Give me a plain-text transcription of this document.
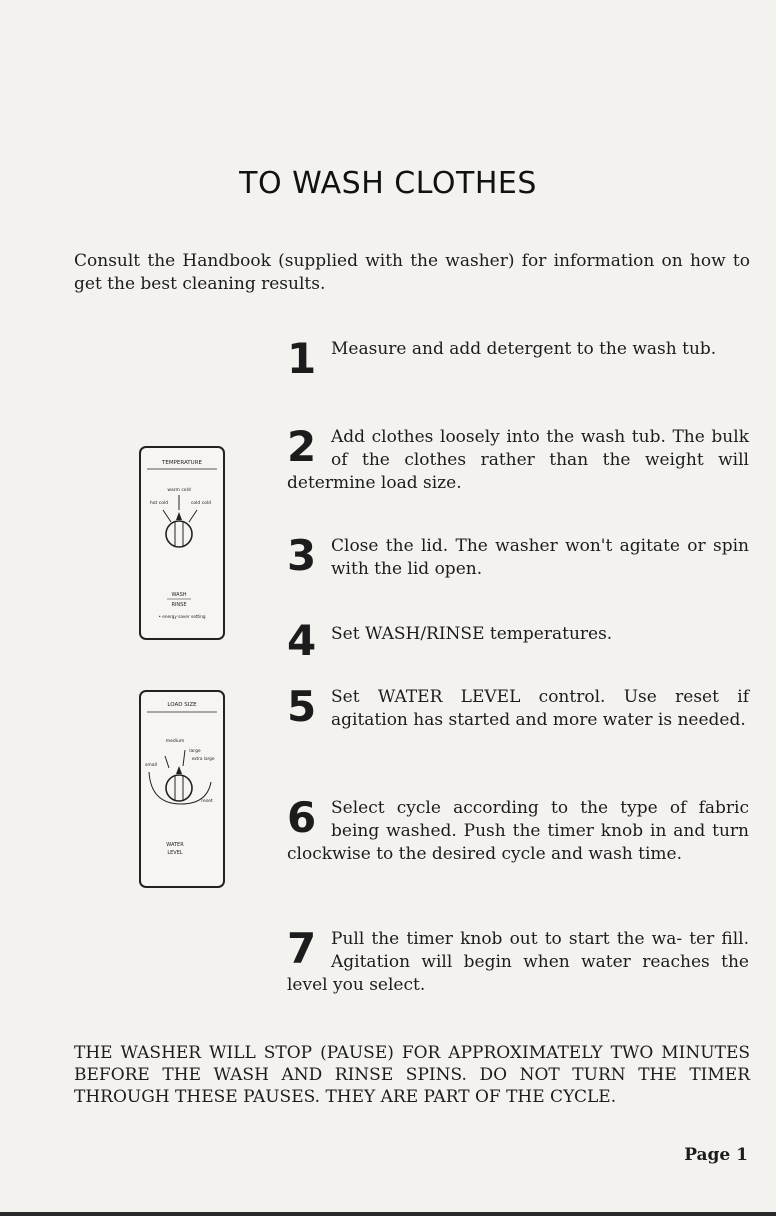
TO WASH CLOTHES
Consult the Handbook (supplied with the washer) for information on how to get the best cleaning results.
TEMPERATURE
warm cold
hot cold	cold cold
WASH
RINSE
• energy saver setting
LOAD SIZE
medium
large
extra large
small
reset
WATER
LEVEL
1 Measure and add detergent to the wash tub.
2 Add clothes loosely into the wash tub. The bulk of the clothes rather than the weight will determine load size.
3 Close the lid. The washer won't agitate or spin with the lid open.
4 Set WASH/RINSE temperatures.
5 Set WATER LEVEL control. Use reset if agitation has started and more water is needed.
6 Select cycle according to the type of fabric being washed. Push the timer knob in and turn clockwise to the desired cycle and wash time.
7 Pull the timer knob out to start the wa- ter fill. Agitation will begin when water reaches the level you select.
THE WASHER WILL STOP (PAUSE) FOR APPROXIMATELY TWO MINUTES BEFORE THE WASH AND RINSE SPINS. DO NOT TURN THE TIMER THROUGH THESE PAUSES. THEY ARE PART OF THE CYCLE.
Page 1
